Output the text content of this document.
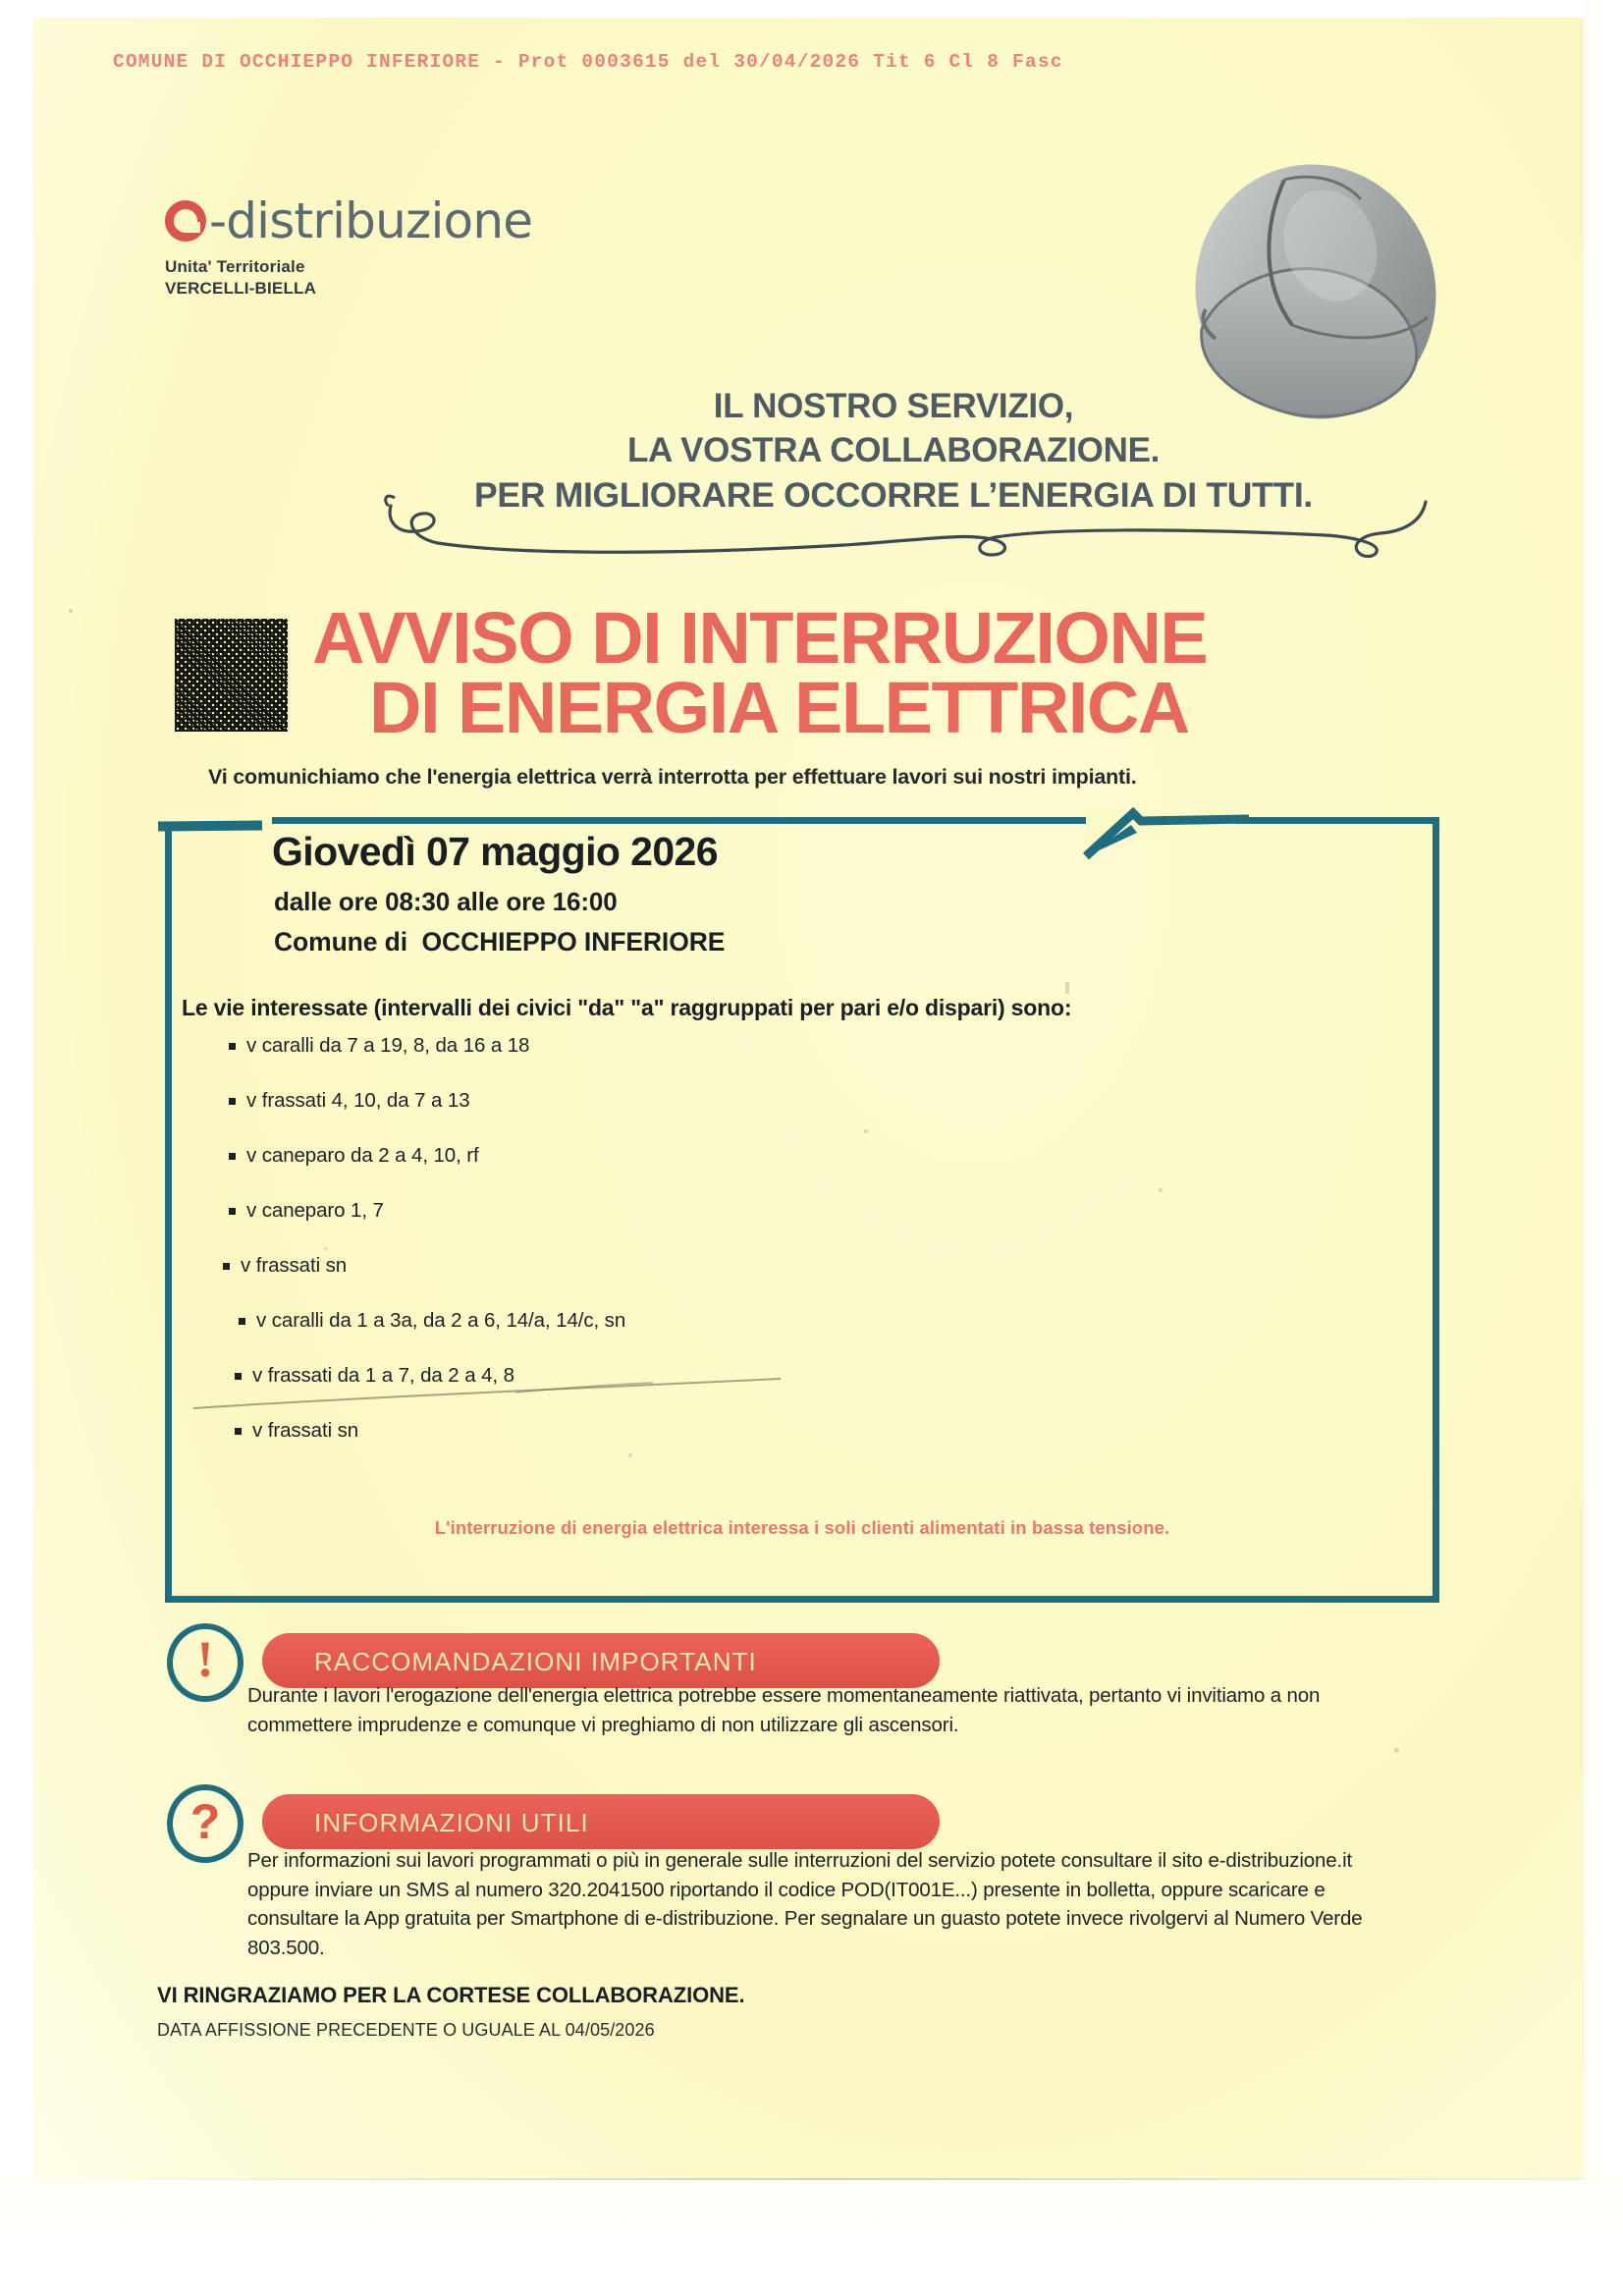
COMUNE DI OCCHIEPPO INFERIORE - Prot 0003615 del 30/04/2026 Tit 6 Cl 8 Fasc
-distribuzione
Unita' Territoriale
VERCELLI-BIELLA
IL NOSTRO SERVIZIO,
LA VOSTRA COLLABORAZIONE.
PER MIGLIORARE OCCORRE L’ENERGIA DI TUTTI.
AVVISO DI INTERRUZIONE
DI ENERGIA ELETTRICA
Vi comunichiamo che l'energia elettrica verrà interrotta per effettuare lavori sui nostri impianti.
Giovedì 07 maggio 2026
dalle ore 08:30 alle ore 16:00
Comune di OCCHIEPPO INFERIORE
Le vie interessate (intervalli dei civici "da" "a" raggruppati per pari e/o dispari) sono:
v caralli da 7 a 19, 8, da 16 a 18
v frassati 4, 10, da 7 a 13
v caneparo da 2 a 4, 10, rf
v caneparo 1, 7
v frassati sn
v caralli da 1 a 3a, da 2 a 6, 14/a, 14/c, sn
v frassati da 1 a 7, da 2 a 4, 8
v frassati sn
L'interruzione di energia elettrica interessa i soli clienti alimentati in bassa tensione.
RACCOMANDAZIONI IMPORTANTI
!
Durante i lavori l'erogazione dell'energia elettrica potrebbe essere momentaneamente riattivata, pertanto vi invitiamo a non commettere imprudenze e comunque vi preghiamo di non utilizzare gli ascensori.
INFORMAZIONI UTILI
?
Per informazioni sui lavori programmati o più in generale sulle interruzioni del servizio potete consultare il sito e-distribuzione.it oppure inviare un SMS al numero 320.2041500 riportando il codice POD(IT001E...) presente in bolletta, oppure scaricare e consultare la App gratuita per Smartphone di e-distribuzione. Per segnalare un guasto potete invece rivolgervi al Numero Verde 803.500.
VI RINGRAZIAMO PER LA CORTESE COLLABORAZIONE.
DATA AFFISSIONE PRECEDENTE O UGUALE AL 04/05/2026
